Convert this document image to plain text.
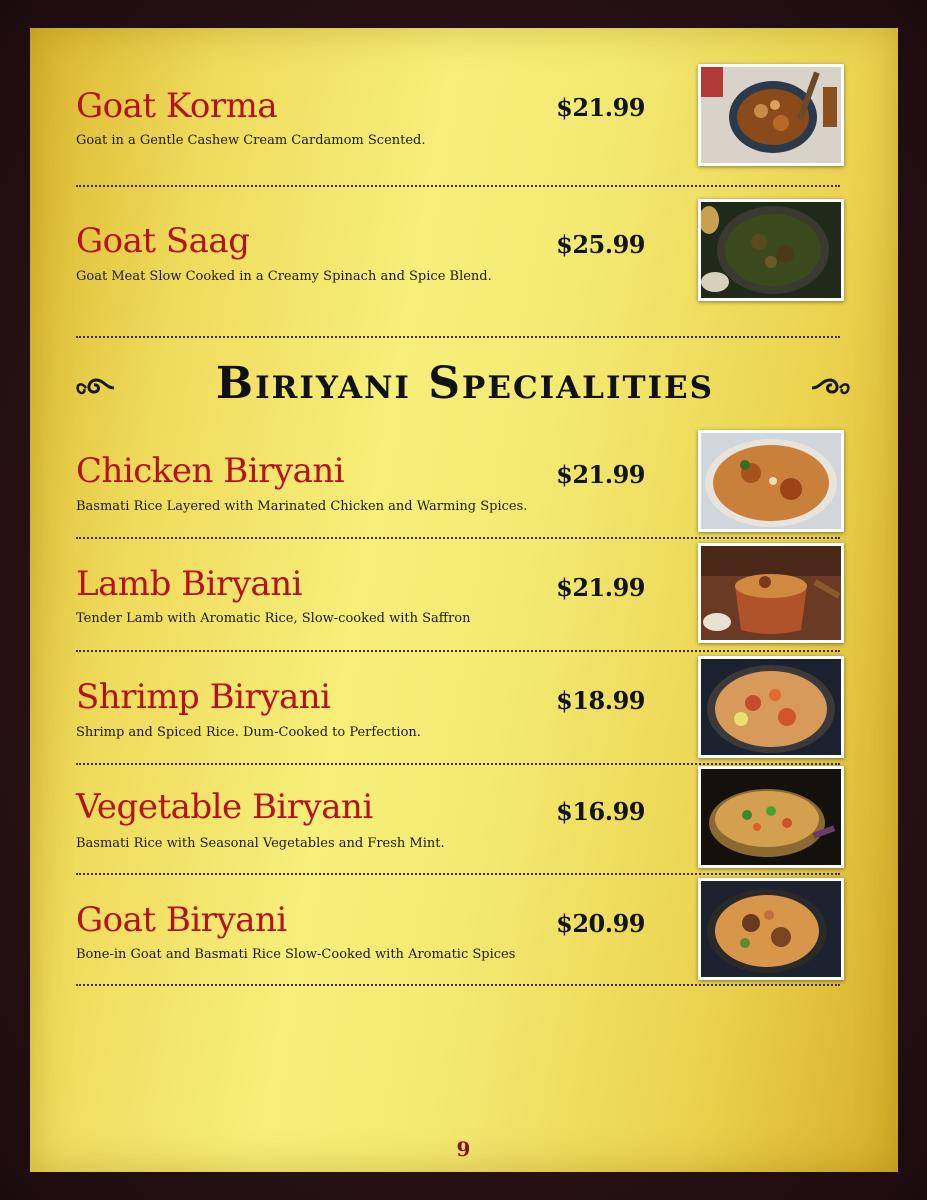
Goat Korma
Goat in a Gentle Cashew Cream Cardamom Scented.
$21.99
Goat Saag
Goat Meat Slow Cooked in a Creamy Spinach and Spice Blend.
$25.99
Biriyani Specialities
Chicken Biryani
Basmati Rice Layered with Marinated Chicken and Warming Spices.
$21.99
Lamb Biryani
Tender Lamb with Aromatic Rice, Slow-cooked with Saffron
$21.99
Shrimp Biryani
Shrimp and Spiced Rice. Dum-Cooked to Perfection.
$18.99
Vegetable Biryani
Basmati Rice with Seasonal Vegetables and Fresh Mint.
$16.99
Goat Biryani
Bone-in Goat and Basmati Rice Slow-Cooked with Aromatic Spices
$20.99
9
